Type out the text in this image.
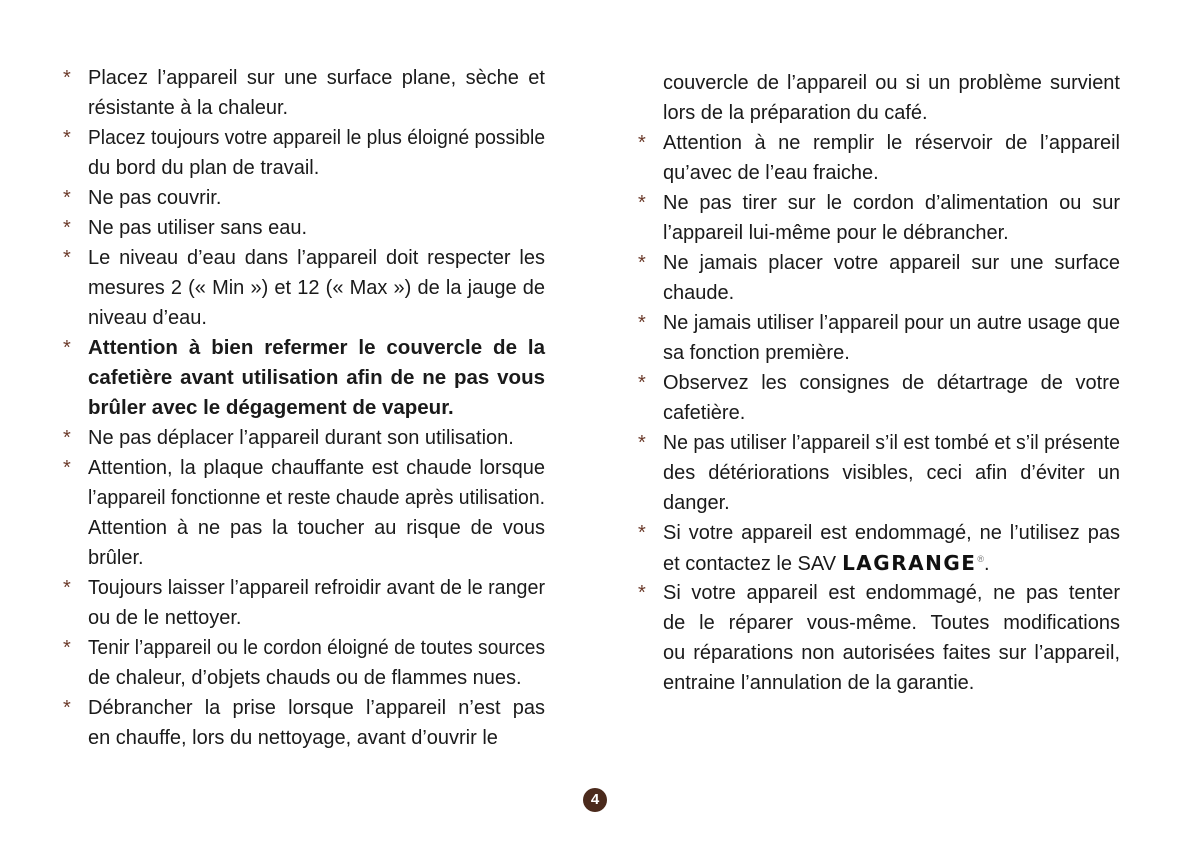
* Placez l’appareil sur une surface plane, sèche et
résistante à la chaleur.
* Placez toujours votre appareil le plus éloigné possible
du bord du plan de travail.
* Ne pas couvrir.
* Ne pas utiliser sans eau.
* Le niveau d’eau dans l’appareil doit respecter les
mesures 2 (« Min ») et 12 (« Max ») de la jauge de
niveau d’eau.
* Attention à bien refermer le couvercle de la
cafetière avant utilisation afin de ne pas vous
brûler avec le dégagement de vapeur.
* Ne pas déplacer l’appareil durant son utilisation.
* Attention, la plaque chauffante est chaude lorsque
l’appareil fonctionne et reste chaude après utilisation.
Attention à ne pas la toucher au risque de vous
brûler.
* Toujours laisser l’appareil refroidir avant de le ranger
ou de le nettoyer.
* Tenir l’appareil ou le cordon éloigné de toutes sources
de chaleur, d’objets chauds ou de flammes nues.
* Débrancher la prise lorsque l’appareil n’est pas
en chauffe, lors du nettoyage, avant d’ouvrir le
couvercle de l’appareil ou si un problème survient
lors de la préparation du café.
* Attention à ne remplir le réservoir de l’appareil
qu’avec de l’eau fraiche.
* Ne pas tirer sur le cordon d’alimentation ou sur
l’appareil lui-même pour le débrancher.
* Ne jamais placer votre appareil sur une surface
chaude.
* Ne jamais utiliser l’appareil pour un autre usage que
sa fonction première.
* Observez les consignes de détartrage de votre
cafetière.
* Ne pas utiliser l’appareil s’il est tombé et s’il présente
des détériorations visibles, ceci afin d’éviter un
danger.
* Si votre appareil est endommagé, ne l’utilisez pas
et contactez le SAV LAGRANGE®.
* Si votre appareil est endommagé, ne pas tenter
de le réparer vous-même. Toutes modifications
ou réparations non autorisées faites sur l’appareil,
entraine l’annulation de la garantie.
4
